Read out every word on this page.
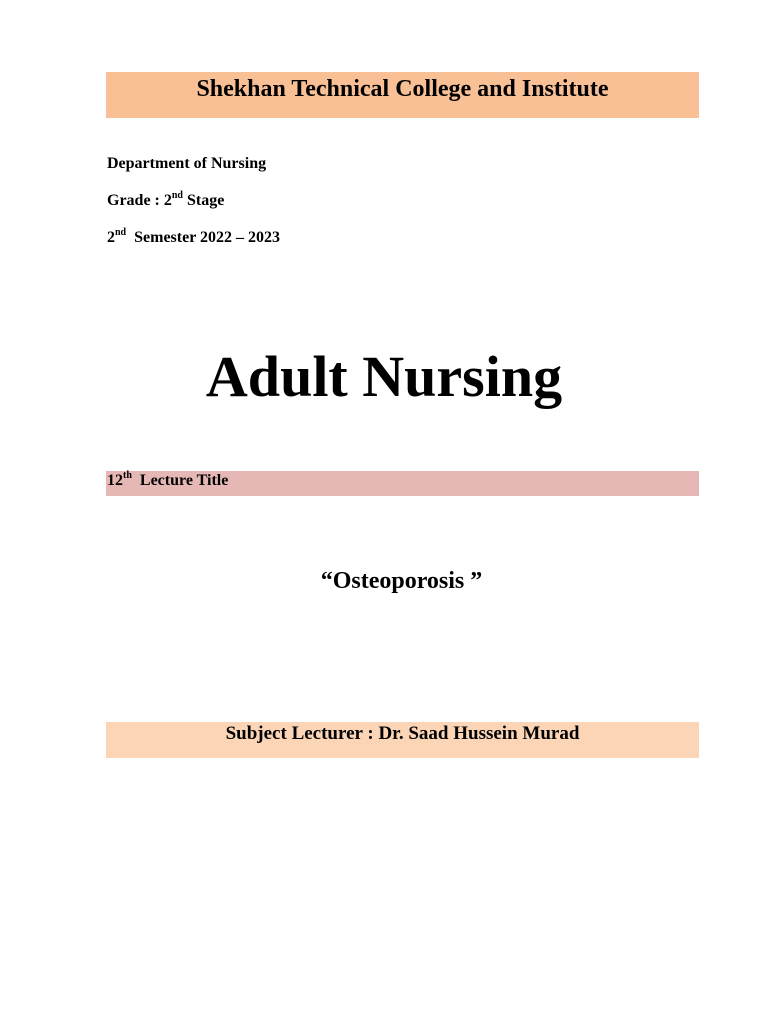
Shekhan Technical College and Institute
Department of Nursing
Grade : 2nd Stage
2nd  Semester 2022 – 2023
Adult Nursing
12th  Lecture Title
“Osteoporosis ”
Subject Lecturer : Dr. Saad Hussein Murad
